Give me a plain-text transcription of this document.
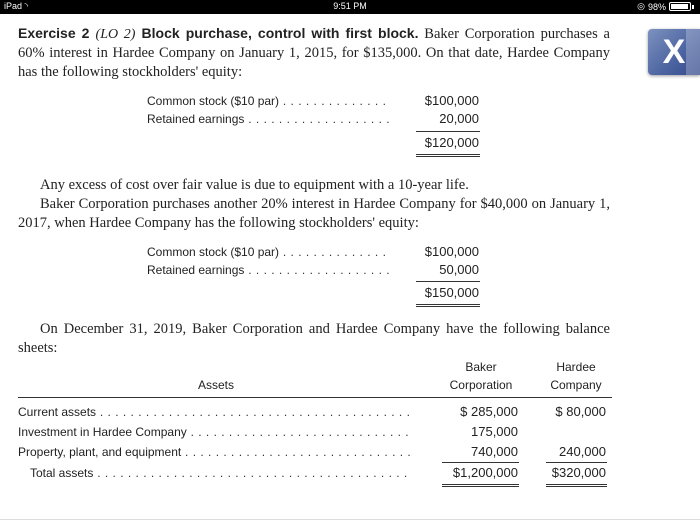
iPad ◝	9:51 PM	◎ 98%
X
Exercise 2 (LO 2) Block purchase, control with first block. Baker Corporation purchases a 60% interest in Hardee Company on January 1, 2015, for $135,000. On that date, Hardee Company has the following stockholders' equity:
Common stock ($10 par) . . .	$100,000
Retained earnings . . .	20,000
$120,000
Any excess of cost over fair value is due to equipment with a 10-year life.
Baker Corporation purchases another 20% interest in Hardee Company for $40,000 on January 1, 2017, when Hardee Company has the following stockholders' equity:
Common stock ($10 par) . . .	$100,000
Retained earnings . . .	50,000
$150,000
On December 31, 2019, Baker Corporation and Hardee Company have the following balance sheets:
Assets
Baker
Corporation
Hardee
Company
Current assets . . .	$ 285,000	$ 80,000
Investment in Hardee Company . . .	175,000
Property, plant, and equipment . . .	740,000	240,000
Total assets . . .	$1,200,000	$320,000
